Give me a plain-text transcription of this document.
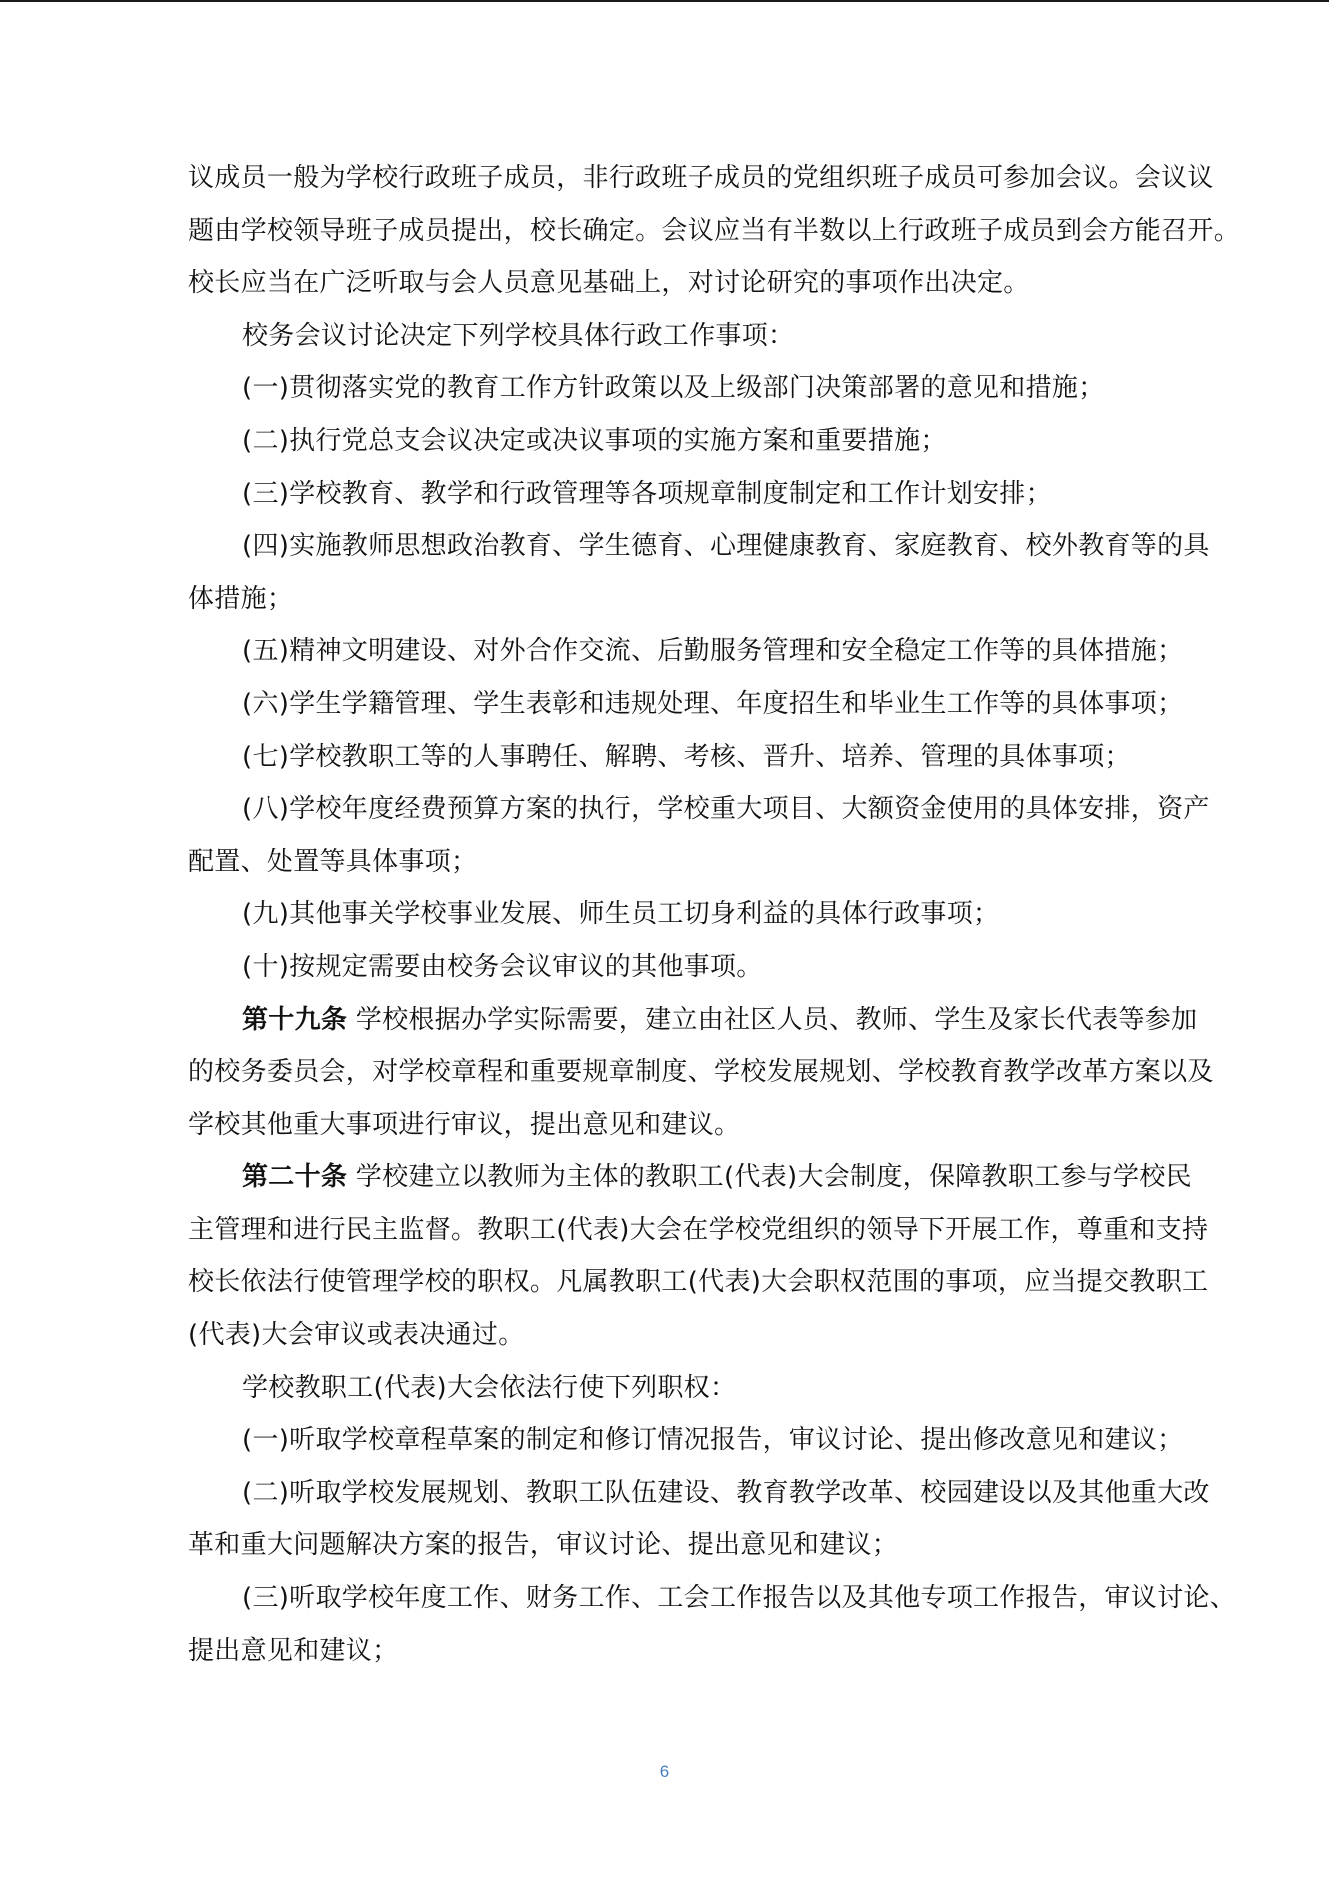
议成员一般为学校行政班子成员，非行政班子成员的党组织班子成员可参加会议。会议议
题由学校领导班子成员提出，校长确定。会议应当有半数以上行政班子成员到会方能召开。
校长应当在广泛听取与会人员意见基础上，对讨论研究的事项作出决定。
校务会议讨论决定下列学校具体行政工作事项：
(一)贯彻落实党的教育工作方针政策以及上级部门决策部署的意见和措施；
(二)执行党总支会议决定或决议事项的实施方案和重要措施；
(三)学校教育、教学和行政管理等各项规章制度制定和工作计划安排；
(四)实施教师思想政治教育、学生德育、心理健康教育、家庭教育、校外教育等的具
体措施；
(五)精神文明建设、对外合作交流、后勤服务管理和安全稳定工作等的具体措施；
(六)学生学籍管理、学生表彰和违规处理、年度招生和毕业生工作等的具体事项；
(七)学校教职工等的人事聘任、解聘、考核、晋升、培养、管理的具体事项；
(八)学校年度经费预算方案的执行，学校重大项目、大额资金使用的具体安排，资产
配置、处置等具体事项；
(九)其他事关学校事业发展、师生员工切身利益的具体行政事项；
(十)按规定需要由校务会议审议的其他事项。
第十九条 学校根据办学实际需要，建立由社区人员、教师、学生及家长代表等参加
的校务委员会，对学校章程和重要规章制度、学校发展规划、学校教育教学改革方案以及
学校其他重大事项进行审议，提出意见和建议。
第二十条 学校建立以教师为主体的教职工(代表)大会制度，保障教职工参与学校民
主管理和进行民主监督。教职工(代表)大会在学校党组织的领导下开展工作，尊重和支持
校长依法行使管理学校的职权。凡属教职工(代表)大会职权范围的事项，应当提交教职工
(代表)大会审议或表决通过。
学校教职工(代表)大会依法行使下列职权：
(一)听取学校章程草案的制定和修订情况报告，审议讨论、提出修改意见和建议；
(二)听取学校发展规划、教职工队伍建设、教育教学改革、校园建设以及其他重大改
革和重大问题解决方案的报告，审议讨论、提出意见和建议；
(三)听取学校年度工作、财务工作、工会工作报告以及其他专项工作报告，审议讨论、
提出意见和建议；
6
